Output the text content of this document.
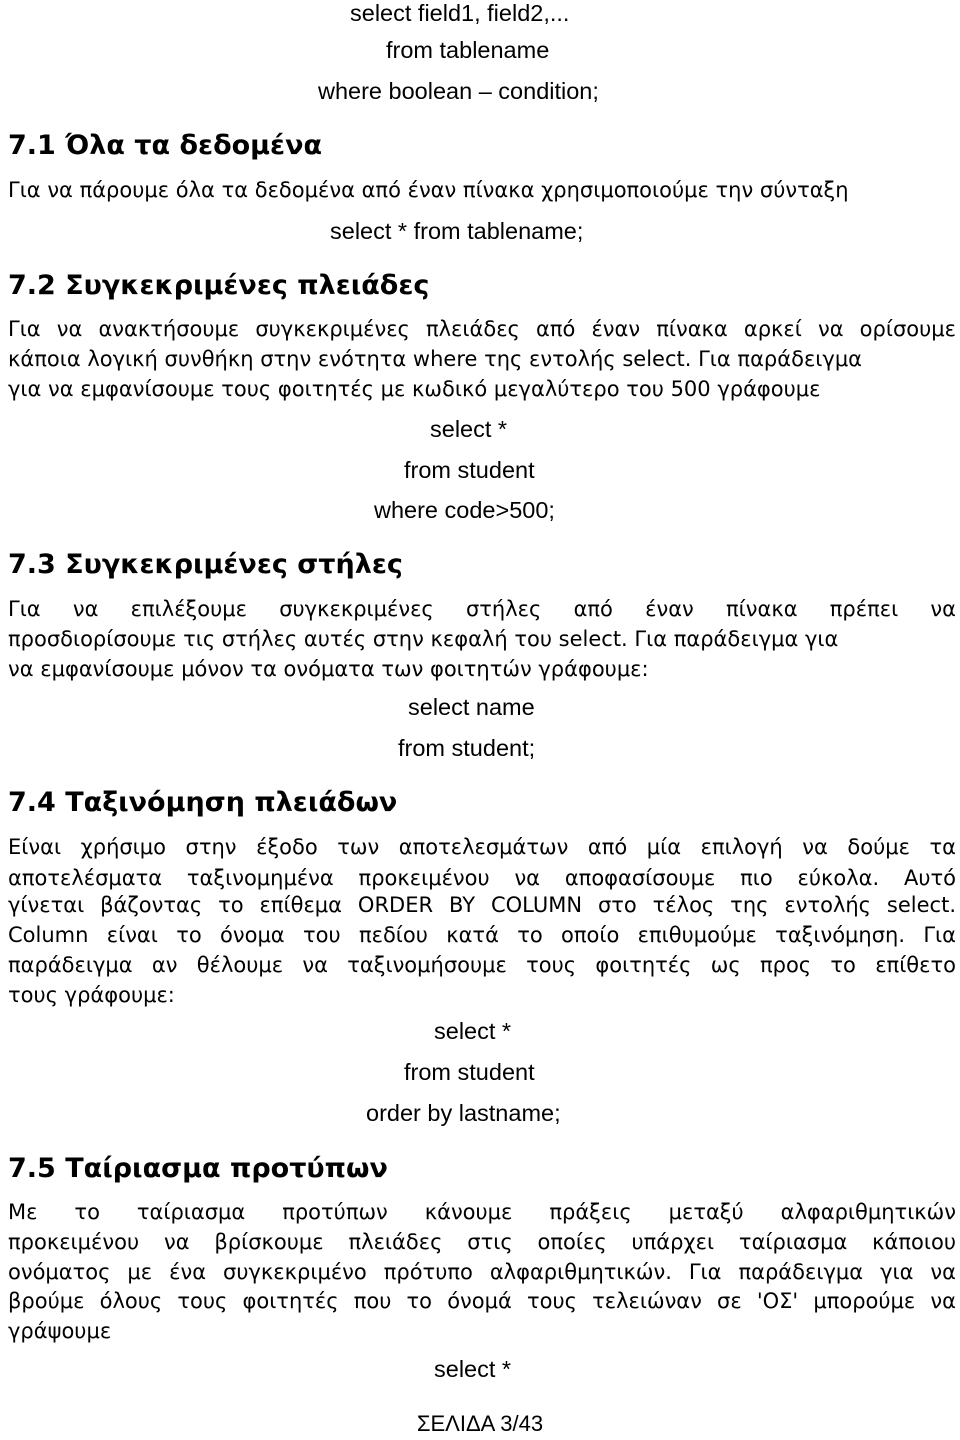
select field1, field2,...
from tablename
where boolean – condition;
7.1 Όλα τα δεδομένα
Για να πάρουμε όλα τα δεδομένα από έναν πίνακα χρησιμοποιούμε την σύνταξη
select * from tablename;
7.2 Συγκεκριμένες πλειάδες
Για να ανακτήσουμε συγκεκριμένες πλειάδες από έναν πίνακα αρκεί να ορίσουμε
κάποια λογική συνθήκη στην ενότητα where της εντολής select. Για παράδειγμα
για να εμφανίσουμε τους φοιτητές με κωδικό μεγαλύτερο του 500 γράφουμε
select *
from student
where code>500;
7.3 Συγκεκριμένες στήλες
Για να επιλέξουμε συγκεκριμένες στήλες από έναν πίνακα πρέπει να
προσδιορίσουμε τις στήλες αυτές στην κεφαλή του select. Για παράδειγμα για
να εμφανίσουμε μόνον τα ονόματα των φοιτητών γράφουμε:
select name
from student;
7.4 Ταξινόμηση πλειάδων
Είναι χρήσιμο στην έξοδο των αποτελεσμάτων από μία επιλογή να δούμε τα
αποτελέσματα ταξινομημένα προκειμένου να αποφασίσουμε πιο εύκολα. Αυτό
γίνεται βάζοντας το επίθεμα ORDER BY COLUMN στο τέλος της εντολής select.
Column είναι το όνομα του πεδίου κατά το οποίο επιθυμούμε ταξινόμηση. Για
παράδειγμα αν θέλουμε να ταξινομήσουμε τους φοιτητές ως προς το επίθετο
τους γράφουμε:
select *
from student
order by lastname;
7.5 Ταίριασμα προτύπων
Με το ταίριασμα προτύπων κάνουμε πράξεις μεταξύ αλφαριθμητικών
προκειμένου να βρίσκουμε πλειάδες στις οποίες υπάρχει ταίριασμα κάποιου
ονόματος με ένα συγκεκριμένο πρότυπο αλφαριθμητικών. Για παράδειγμα για να
βρούμε όλους τους φοιτητές που το όνομά τους τελειώναν σε 'ΟΣ' μπορούμε να
γράψουμε
select *
ΣΕΛΙΔΑ 3/43
